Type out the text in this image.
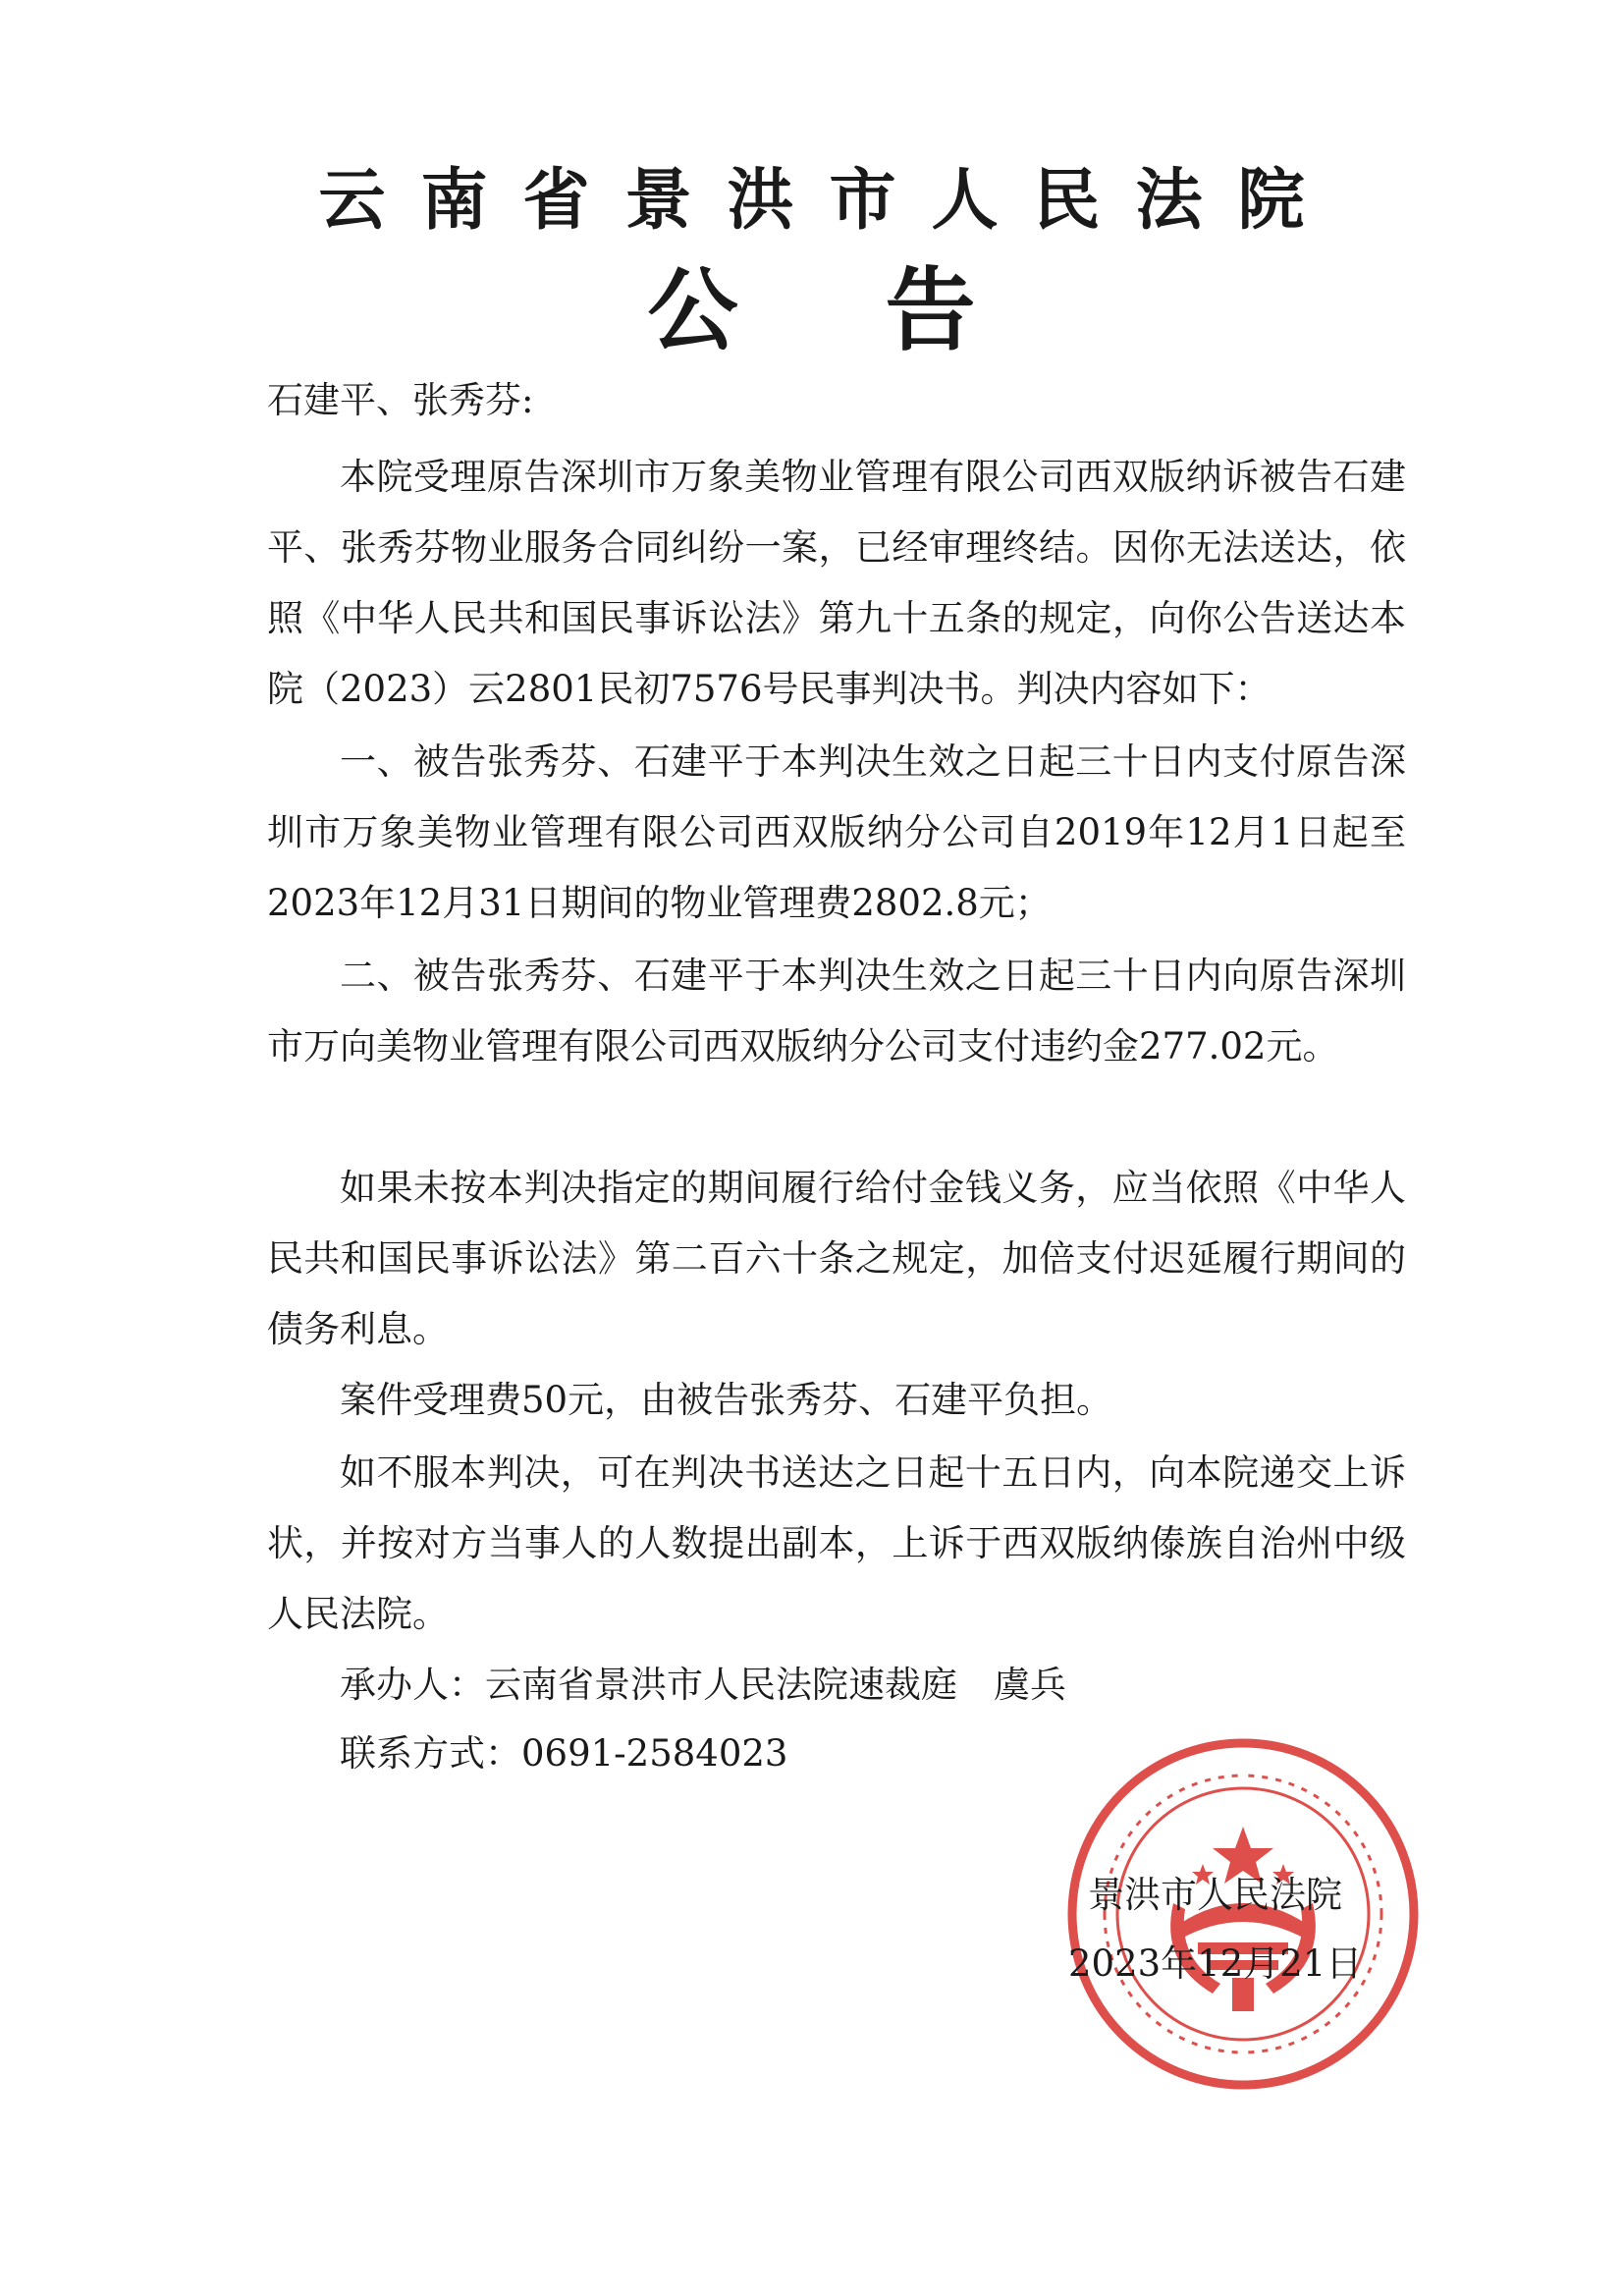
云南省景洪市人民法院
公告
石建平、张秀芬:
本院受理原告深圳市万象美物业管理有限公司西双版纳诉被告石建平、张秀芬物业服务合同纠纷一案，已经审理终结。因你无法送达，依照《中华人民共和国民事诉讼法》第九十五条的规定，向你公告送达本院（2023）云2801民初7576号民事判决书。判决内容如下：
一、被告张秀芬、石建平于本判决生效之日起三十日内支付原告深圳市万象美物业管理有限公司西双版纳分公司自2019年12月1日起至2023年12月31日期间的物业管理费2802.8元；
二、被告张秀芬、石建平于本判决生效之日起三十日内向原告深圳市万向美物业管理有限公司西双版纳分公司支付违约金277.02元。
如果未按本判决指定的期间履行给付金钱义务，应当依照《中华人民共和国民事诉讼法》第二百六十条之规定，加倍支付迟延履行期间的债务利息。
案件受理费50元，由被告张秀芬、石建平负担。
如不服本判决，可在判决书送达之日起十五日内，向本院递交上诉状，并按对方当事人的人数提出副本，上诉于西双版纳傣族自治州中级人民法院。
承办人：云南省景洪市人民法院速裁庭　虞兵
联系方式：0691-2584023
景洪市人民法院
2023年12月21日
